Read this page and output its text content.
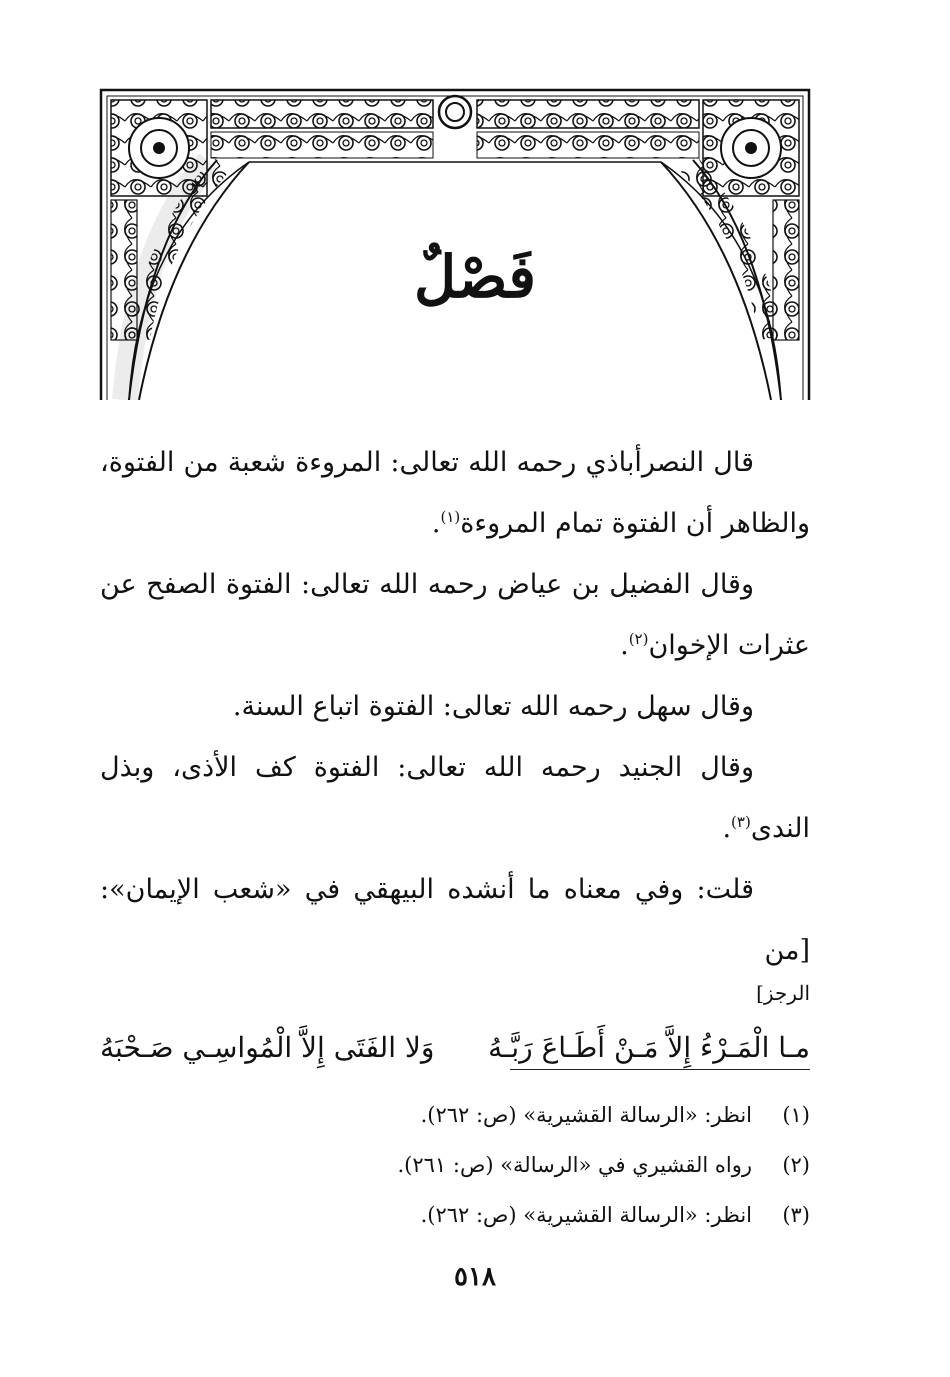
فَصْلٌ

قال النصرأباذي رحمه الله تعالى: المروءة شعبة من الفتوة، والظاهر أن الفتوة تمام المروءة$^{(١)}$.

وقال الفضيل بن عياض رحمه الله تعالى: الفتوة الصفح عن عثرات الإخوان$^{(٢)}$.

وقال سهل رحمه الله تعالى: الفتوة اتباع السنة.

وقال الجنيد رحمه الله تعالى: الفتوة كف الأذى، وبذل الندى$^{(٣)}$.

قلت: وفي معناه ما أنشده البيهقي في «شعب الإيمان»: [من

الرجز]
مـا الْمَـرْءُ إِلاَّ مَـنْ أَطَـاعَ رَبَّـهُ
وَلا الفَتَى إِلاَّ الْمُواسِـي صَـحْبَهُ
(١)
انظر: «الرسالة القشيرية» (ص: ٢٦٢).
(٢)
رواه القشيري في «الرسالة» (ص: ٢٦١).
(٣)
انظر: «الرسالة القشيرية» (ص: ٢٦٢).
٥١٨
